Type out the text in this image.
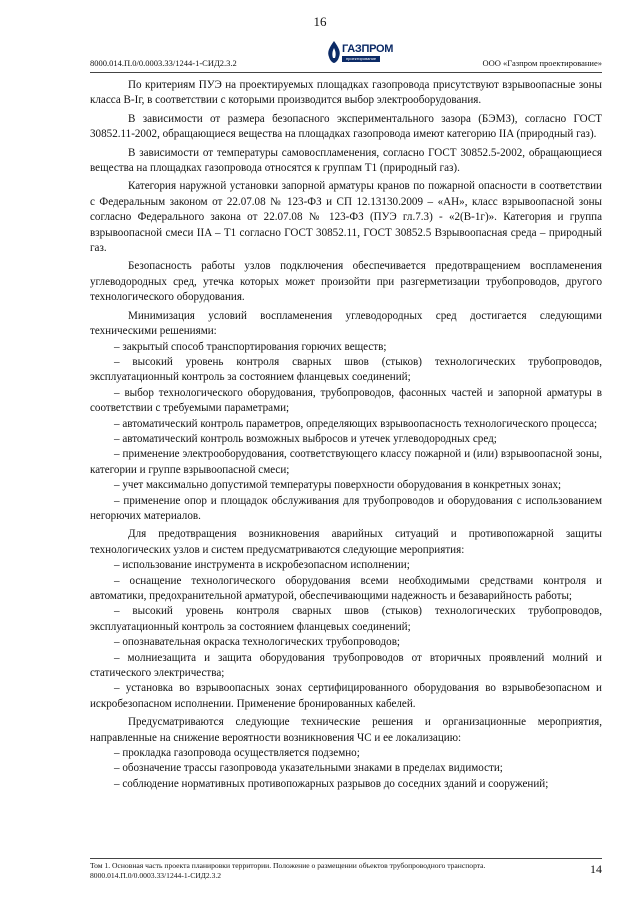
16
8000.014.П.0/0.0003.33/1244-1-СИД2.3.2
ГАЗПРОМ
проектирование	ООО «Газпром проектирование»

По критериям ПУЭ на проектируемых площадках газопровода присутствуют взрывоопасные зоны класса В-Iг, в соответствии с которыми производится выбор электрооборудования.

В зависимости от размера безопасного экспериментального зазора (БЭМЗ), согласно ГОСТ 30852.11-2002, обращающиеся вещества на площадках газопровода имеют категорию IIA (природный газ).

В зависимости от температуры самовоспламенения, согласно ГОСТ 30852.5-2002, обращающиеся вещества на площадках газопровода относятся к группам Т1 (природный газ).

Категория наружной установки запорной арматуры кранов по пожарной опасности в соответствии с Федеральным законом от 22.07.08 № 123-ФЗ и СП 12.13130.2009 – «АН», класс взрывоопасной зоны согласно Федерального закона от 22.07.08 № 123-ФЗ (ПУЭ гл.7.3) - «2(В-1г)». Категория и группа взрывоопасной смеси IIA – Т1 согласно ГОСТ 30852.11, ГОСТ 30852.5 Взрывоопасная среда – природный газ.

Безопасность работы узлов подключения обеспечивается предотвращением воспламенения углеводородных сред, утечка которых может произойти при разгерметизации трубопроводов, другого технологического оборудования.

Минимизация условий воспламенения углеводородных сред достигается следующими техническими решениями:

– закрытый способ транспортирования горючих веществ;

– высокий уровень контроля сварных швов (стыков) технологических трубопроводов, эксплуатационный контроль за состоянием фланцевых соединений;

– выбор технологического оборудования, трубопроводов, фасонных частей и запорной арматуры в соответствии с требуемыми параметрами;

– автоматический контроль параметров, определяющих взрывоопасность технологического процесса;

– автоматический контроль возможных выбросов и утечек углеводородных сред;

– применение электрооборудования, соответствующего классу пожарной и (или) взрывоопасной зоны, категории и группе взрывоопасной смеси;

– учет максимально допустимой температуры поверхности оборудования в конкретных зонах;

– применение опор и площадок обслуживания для трубопроводов и оборудования с использованием негорючих материалов.

Для предотвращения возникновения аварийных ситуаций и противопожарной защиты технологических узлов и систем предусматриваются следующие мероприятия:

– использование инструмента в искробезопасном исполнении;

– оснащение технологического оборудования всеми необходимыми средствами контроля и автоматики, предохранительной арматурой, обеспечивающими надежность и безаварийность работы;

– высокий уровень контроля сварных швов (стыков) технологических трубопроводов, эксплуатационный контроль за состоянием фланцевых соединений;

– опознавательная окраска технологических трубопроводов;

– молниезащита и защита оборудования трубопроводов от вторичных проявлений молний и статического электричества;

– установка во взрывоопасных зонах сертифицированного оборудования во взрывобезопасном и искробезопасном исполнении. Применение бронированных кабелей.

Предусматриваются следующие технические решения и организационные мероприятия, направленные на снижение вероятности возникновения ЧС и ее локализацию:

– прокладка газопровода осуществляется подземно;

– обозначение трассы газопровода указательными знаками в пределах видимости;

– соблюдение нормативных противопожарных разрывов до соседних зданий и сооружений;

Том 1. Основная часть проекта планировки территории. Положение о размещении объектов трубопроводного транспорта.
8000.014.П.0/0.0003.33/1244-1-СИД2.3.2	14
